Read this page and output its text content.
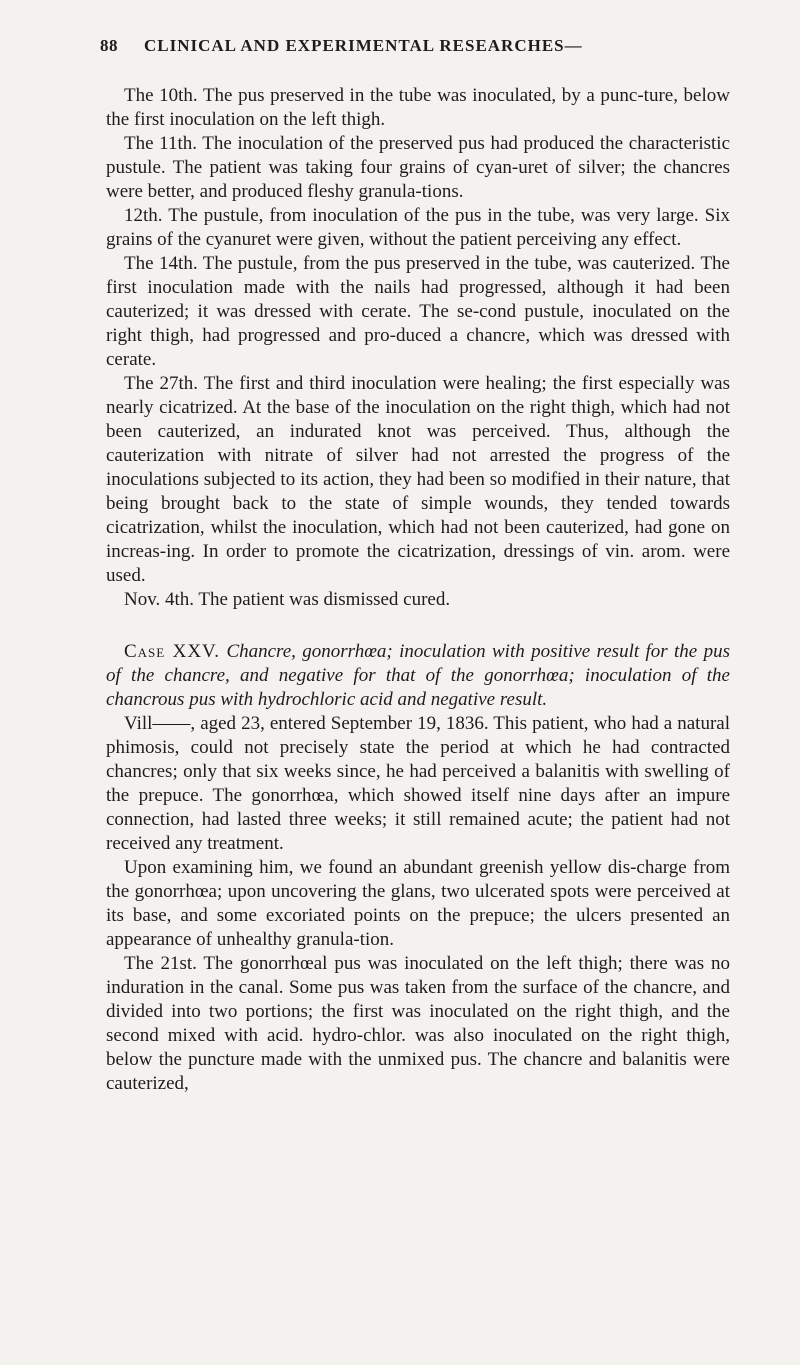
88	CLINICAL AND EXPERIMENTAL RESEARCHES—

The 10th. The pus preserved in the tube was inoculated, by a punc-ture, below the first inoculation on the left thigh.

The 11th. The inoculation of the preserved pus had produced the characteristic pustule. The patient was taking four grains of cyan-uret of silver; the chancres were better, and produced fleshy granula-tions.

12th. The pustule, from inoculation of the pus in the tube, was very large. Six grains of the cyanuret were given, without the patient perceiving any effect.

The 14th. The pustule, from the pus preserved in the tube, was cauterized. The first inoculation made with the nails had progressed, although it had been cauterized; it was dressed with cerate. The se-cond pustule, inoculated on the right thigh, had progressed and pro-duced a chancre, which was dressed with cerate.

The 27th. The first and third inoculation were healing; the first especially was nearly cicatrized. At the base of the inoculation on the right thigh, which had not been cauterized, an indurated knot was perceived. Thus, although the cauterization with nitrate of silver had not arrested the progress of the inoculations subjected to its action, they had been so modified in their nature, that being brought back to the state of simple wounds, they tended towards cicatrization, whilst the inoculation, which had not been cauterized, had gone on increas-ing. In order to promote the cicatrization, dressings of vin. arom. were used.

Nov. 4th. The patient was dismissed cured.

Case XXV. Chancre, gonorrhœa; inoculation with positive result for the pus of the chancre, and negative for that of the gonorrhœa; inoculation of the chancrous pus with hydrochloric acid and negative result.

Vill——, aged 23, entered September 19, 1836. This patient, who had a natural phimosis, could not precisely state the period at which he had contracted chancres; only that six weeks since, he had perceived a balanitis with swelling of the prepuce. The gonorrhœa, which showed itself nine days after an impure connection, had lasted three weeks; it still remained acute; the patient had not received any treatment.

Upon examining him, we found an abundant greenish yellow dis-charge from the gonorrhœa; upon uncovering the glans, two ulcerated spots were perceived at its base, and some excoriated points on the prepuce; the ulcers presented an appearance of unhealthy granula-tion.

The 21st. The gonorrhœal pus was inoculated on the left thigh; there was no induration in the canal. Some pus was taken from the surface of the chancre, and divided into two portions; the first was inoculated on the right thigh, and the second mixed with acid. hydro-chlor. was also inoculated on the right thigh, below the puncture made with the unmixed pus. The chancre and balanitis were cauterized,
